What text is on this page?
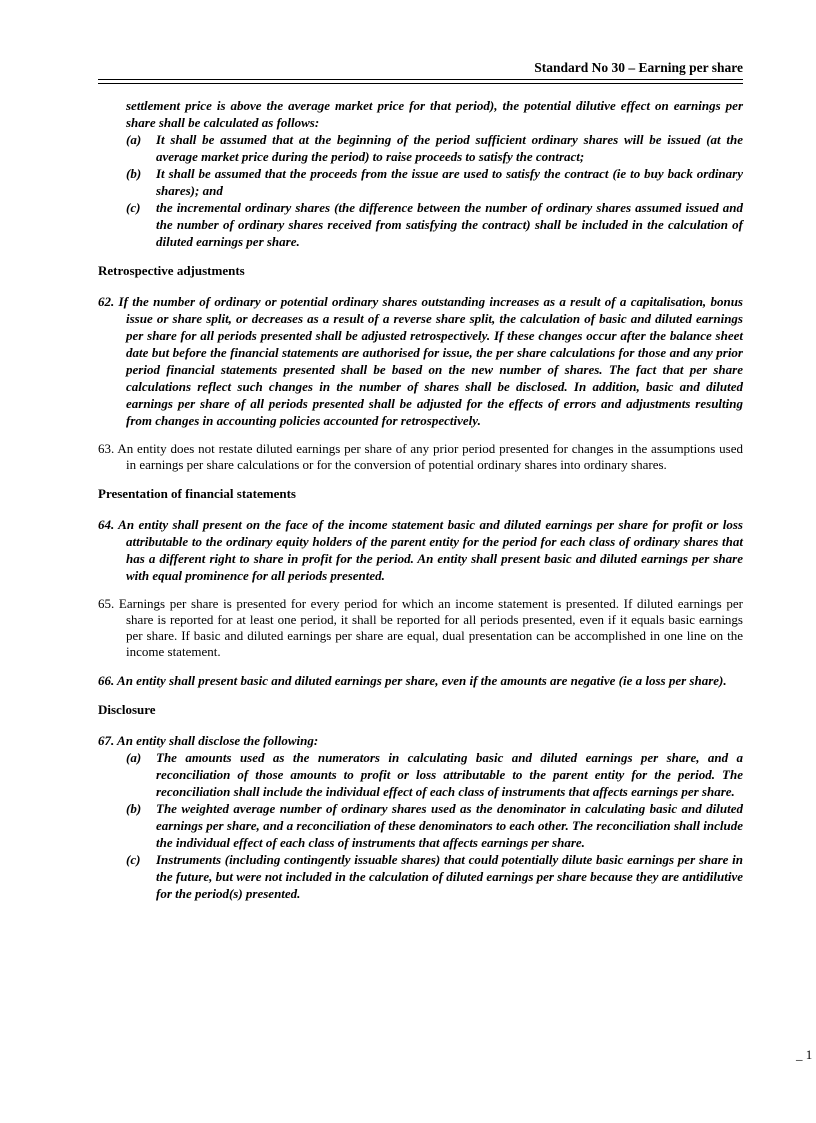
Standard No 30 – Earning per share

settlement price is above the average market price for that period), the potential dilutive effect on earnings per share shall be calculated as follows:

(a) It shall be assumed that at the beginning of the period sufficient ordinary shares will be issued (at the average market price during the period) to raise proceeds to satisfy the contract;
(b) It shall be assumed that the proceeds from the issue are used to satisfy the contract (ie to buy back ordinary shares); and
(c) the incremental ordinary shares (the difference between the number of ordinary shares assumed issued and the number of ordinary shares received from satisfying the contract) shall be included in the calculation of diluted earnings per share.

Retrospective adjustments

62. If the number of ordinary or potential ordinary shares outstanding increases as a result of a capitalisation, bonus issue or share split, or decreases as a result of a reverse share split, the calculation of basic and diluted earnings per share for all periods presented shall be adjusted retrospectively. If these changes occur after the balance sheet date but before the financial statements are authorised for issue, the per share calculations for those and any prior period financial statements presented shall be based on the new number of shares. The fact that per share calculations reflect such changes in the number of shares shall be disclosed. In addition, basic and diluted earnings per share of all periods presented shall be adjusted for the effects of errors and adjustments resulting from changes in accounting policies accounted for retrospectively.

63. An entity does not restate diluted earnings per share of any prior period presented for changes in the assumptions used in earnings per share calculations or for the conversion of potential ordinary shares into ordinary shares.

Presentation of financial statements

64. An entity shall present on the face of the income statement basic and diluted earnings per share for profit or loss attributable to the ordinary equity holders of the parent entity for the period for each class of ordinary shares that has a different right to share in profit for the period. An entity shall present basic and diluted earnings per share with equal prominence for all periods presented.

65. Earnings per share is presented for every period for which an income statement is presented. If diluted earnings per share is reported for at least one period, it shall be reported for all periods presented, even if it equals basic earnings per share. If basic and diluted earnings per share are equal, dual presentation can be accomplished in one line on the income statement.

66. An entity shall present basic and diluted earnings per share, even if the amounts are negative (ie a loss per share).

Disclosure

67. An entity shall disclose the following:

(a) The amounts used as the numerators in calculating basic and diluted earnings per share, and a reconciliation of those amounts to profit or loss attributable to the parent entity for the period. The reconciliation shall include the individual effect of each class of instruments that affects earnings per share.
(b) The weighted average number of ordinary shares used as the denominator in calculating basic and diluted earnings per share, and a reconciliation of these denominators to each other. The reconciliation shall include the individual effect of each class of instruments that affects earnings per share.
(c) Instruments (including contingently issuable shares) that could potentially dilute basic earnings per share in the future, but were not included in the calculation of diluted earnings per share because they are antidilutive for the period(s) presented.
_ 1
